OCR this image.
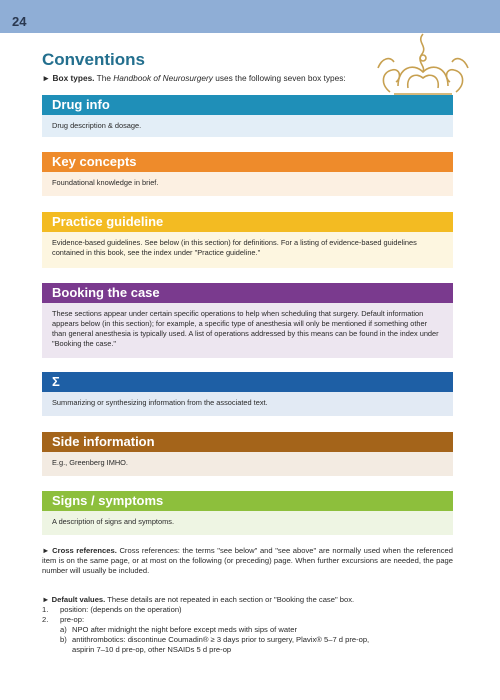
24
Conventions
► Box types. The Handbook of Neurosurgery uses the following seven box types:
Drug info
Drug description & dosage.
Key concepts
Foundational knowledge in brief.
Practice guideline
Evidence-based guidelines. See below (in this section) for definitions. For a listing of evidence-based guidelines contained in this book, see the index under "Practice guideline."
Booking the case
These sections appear under certain specific operations to help when scheduling that surgery. Default information appears below (in this section); for example, a specific type of anesthesia will only be mentioned if something other than general anesthesia is typically used. A list of operations addressed by this means can be found in the index under "Booking the case."
Σ
Summarizing or synthesizing information from the associated text.
Side information
E.g., Greenberg IMHO.
Signs / symptoms
A description of signs and symptoms.
► Cross references. Cross references: the terms "see below" and "see above" are normally used when the referenced item is on the same page, or at most on the following (or preceding) page. When further excursions are needed, the page number will usually be included.
► Default values. These details are not repeated in each section or "Booking the case" box.
1.	position: (depends on the operation)
2.	pre-op:
a) NPO after midnight the night before except meds with sips of water
b) antithrombotics: discontinue Coumadin® ≥ 3 days prior to surgery, Plavix® 5–7 d pre-op,
aspirin 7–10 d pre-op, other NSAIDs 5 d pre-op
